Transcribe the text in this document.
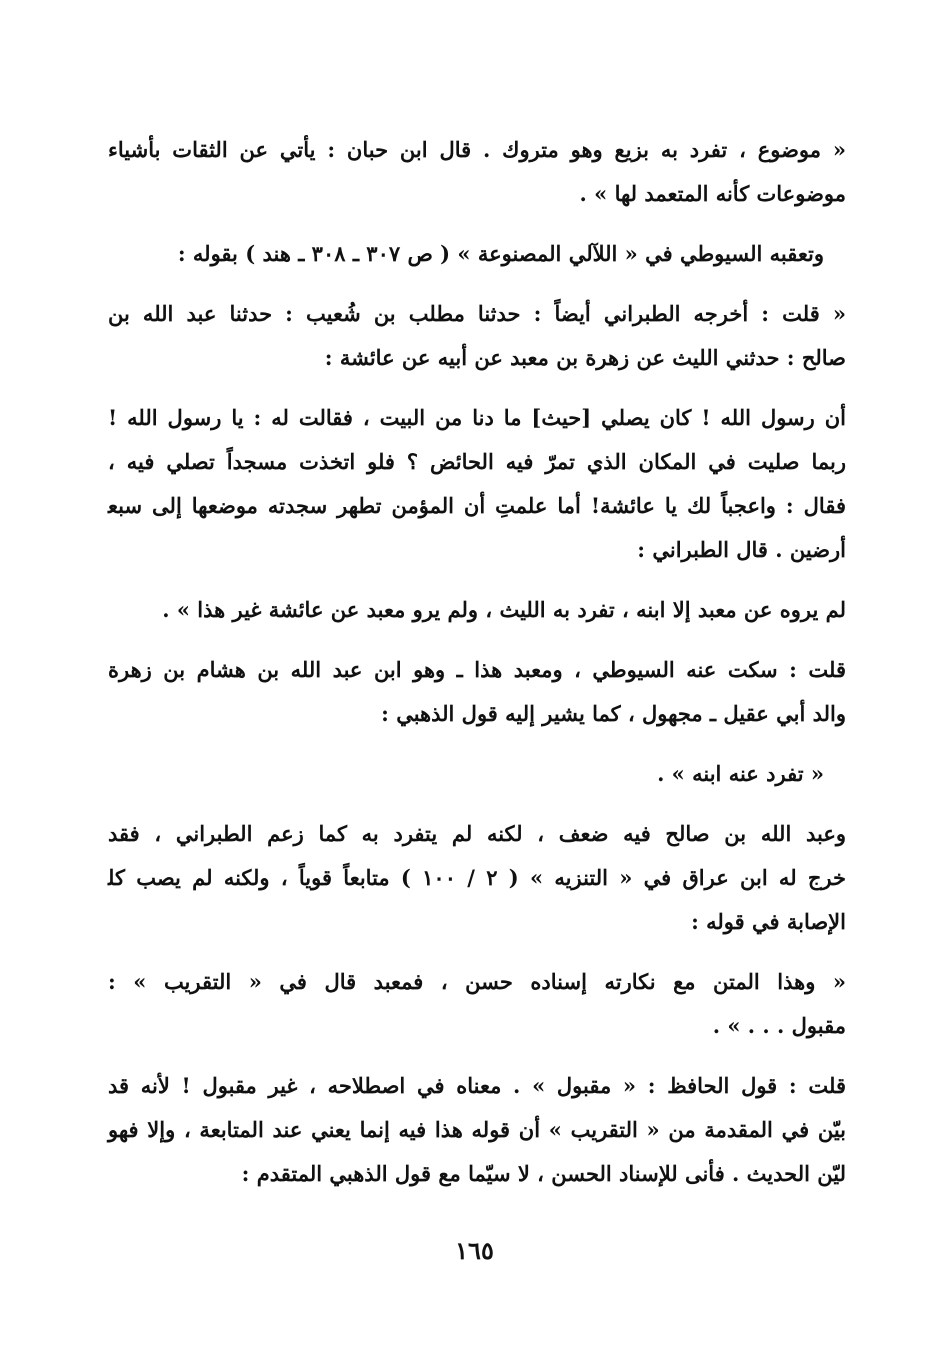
« موضوع ، تفرد به بزيع وهو متروك . قال ابن حبان : يأتي عن الثقات بأشياء
موضوعات كأنه المتعمد لها » .
وتعقبه السيوطي في « اللآلي المصنوعة » ( ص ٣٠٧ ـ ٣٠٨ ـ هند ) بقوله :
« قلت : أخرجه الطبراني أيضاً : حدثنا مطلب بن شُعيب : حدثنا عبد الله بن
صالح : حدثني الليث عن زهرة بن معبد عن أبيه عن عائشة :
أن رسول الله ! كان يصلي [حيث] ما دنا من البيت ، فقالت له : يا رسول الله !
ربما صليت في المكان الذي تمرّ فيه الحائض ؟ فلو اتخذت مسجداً تصلي فيه ،
فقال : واعجباً لك يا عائشة! أما علمتِ أن المؤمن تطهر سجدته موضعها إلى سبع
أرضين . قال الطبراني :
لم يروه عن معبد إلا ابنه ، تفرد به الليث ، ولم يرو معبد عن عائشة غير هذا » .
قلت : سكت عنه السيوطي ، ومعبد هذا ـ وهو ابن عبد الله بن هشام بن زهرة
والد أبي عقيل ـ مجهول ، كما يشير إليه قول الذهبي :
« تفرد عنه ابنه » .
وعبد الله بن صالح فيه ضعف ، لكنه لم يتفرد به كما زعم الطبراني ، فقد
خرج له ابن عراق في « التنزيه » ( ٢ / ١٠٠ ) متابعاً قوياً ، ولكنه لم يصب كل
الإصابة في قوله :
« وهذا المتن مع نكارته إسناده حسن ، فمعبد قال في « التقريب » :
مقبول . . . » .
قلت : قول الحافظ : « مقبول » . معناه في اصطلاحه ، غير مقبول ! لأنه قد
بيّن في المقدمة من « التقريب » أن قوله هذا فيه إنما يعني عند المتابعة ، وإلا فهو
ليّن الحديث . فأنى للإسناد الحسن ، لا سيّما مع قول الذهبي المتقدم :
١٦٥
